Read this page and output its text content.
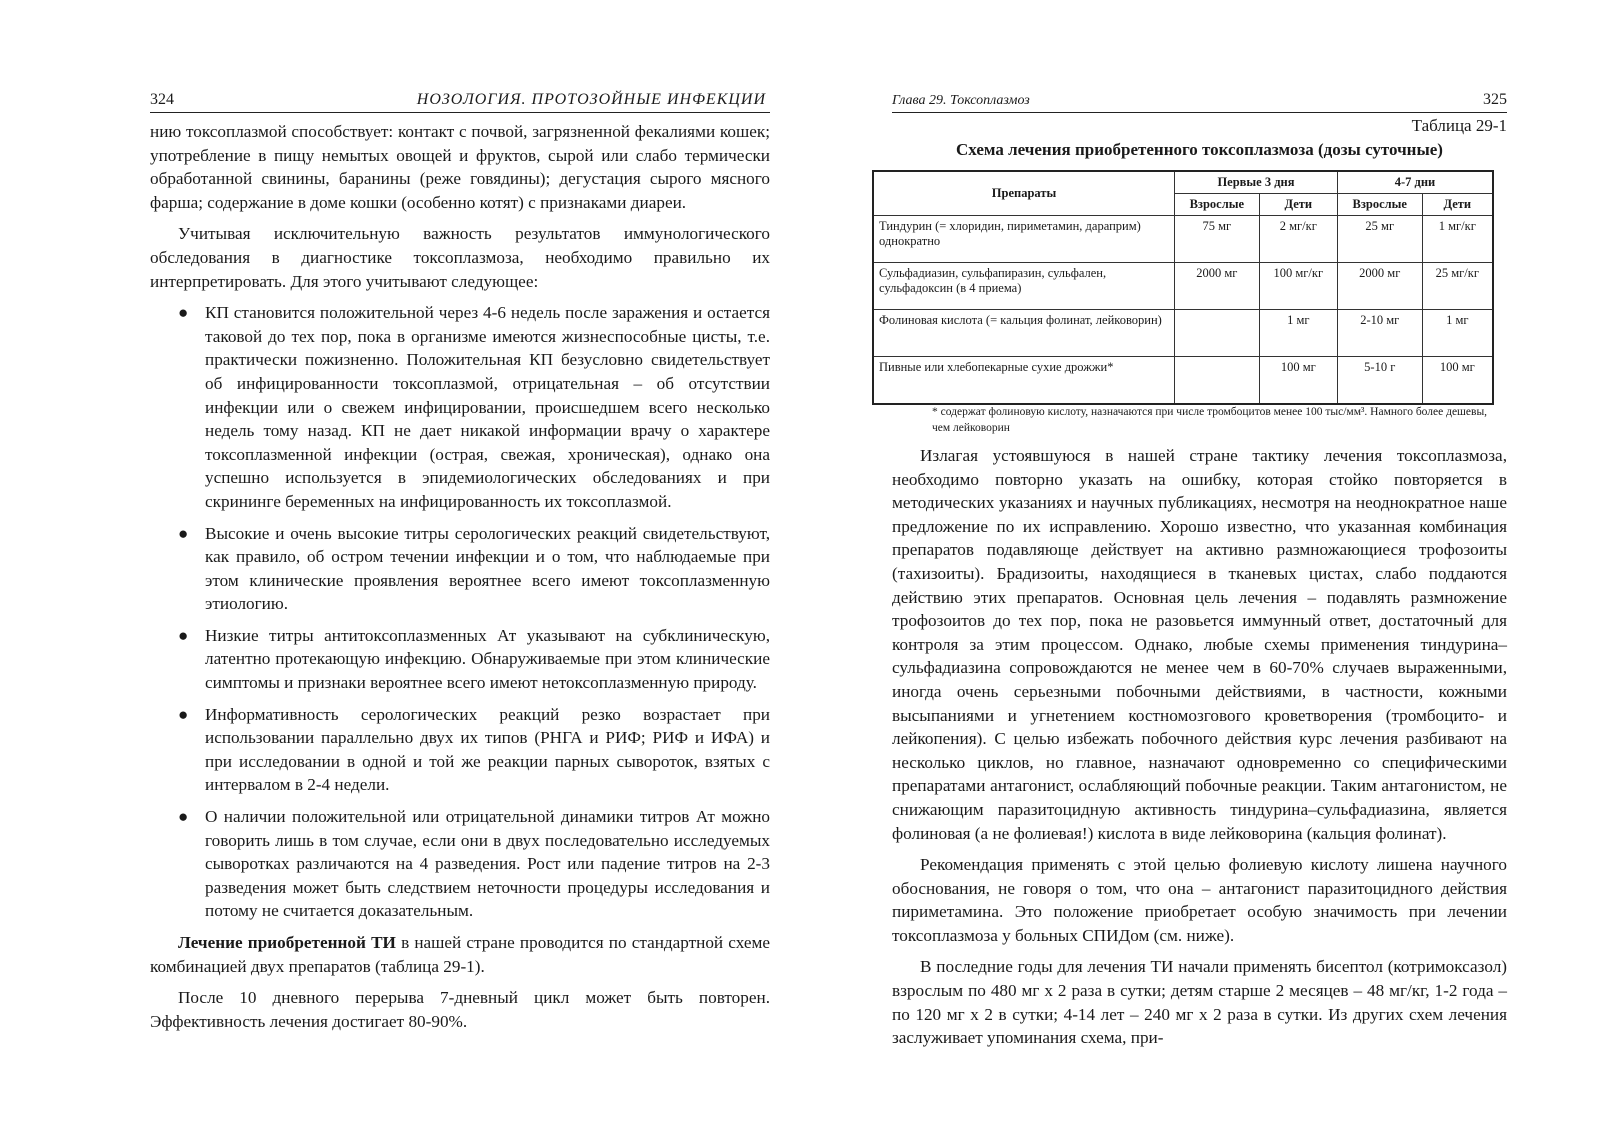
324	НОЗОЛОГИЯ. ПРОТОЗОЙНЫЕ ИНФЕКЦИИ

нию токсоплазмой способствует: контакт с почвой, загрязненной фекалиями кошек; употребление в пищу немытых овощей и фруктов, сырой или слабо термически обработанной свинины, баранины (реже говядины); дегустация сырого мясного фарша; содержание в доме кошки (особенно котят) с признаками диареи.

Учитывая исключительную важность результатов иммунологического обследования в диагностике токсоплазмоза, необходимо правильно их интерпретировать. Для этого учитывают следующее:

● КП становится положительной через 4-6 недель после заражения и остается таковой до тех пор, пока в организме имеются жизнеспособные цисты, т.е. практически пожизненно. Положительная КП безусловно свидетельствует об инфицированности токсоплазмой, отрицательная – об отсутствии инфекции или о свежем инфицировании, происшедшем всего несколько недель тому назад. КП не дает никакой информации врачу о характере токсоплазменной инфекции (острая, свежая, хроническая), однако она успешно используется в эпидемиологических обследованиях и при скрининге беременных на инфицированность их токсоплазмой.
● Высокие и очень высокие титры серологических реакций свидетельствуют, как правило, об остром течении инфекции и о том, что наблюдаемые при этом клинические проявления вероятнее всего имеют токсоплазменную этиологию.
● Низкие титры антитоксоплазменных Ат указывают на субклиническую, латентно протекающую инфекцию. Обнаруживаемые при этом клинические симптомы и признаки вероятнее всего имеют нетоксоплазменную природу.
● Информативность серологических реакций резко возрастает при использовании параллельно двух их типов (РНГА и РИФ; РИФ и ИФА) и при исследовании в одной и той же реакции парных сывороток, взятых с интервалом в 2-4 недели.
● О наличии положительной или отрицательной динамики титров Ат можно говорить лишь в том случае, если они в двух последовательно исследуемых сыворотках различаются на 4 разведения. Рост или падение титров на 2-3 разведения может быть следствием неточности процедуры исследования и потому не считается доказательным.

Лечение приобретенной ТИ в нашей стране проводится по стандартной схеме комбинацией двух препаратов (таблица 29-1).

После 10 дневного перерыва 7-дневный цикл может быть повторен. Эффективность лечения достигает 80-90%.

Глава 29. Токсоплазмоз	325
Таблица 29-1
Схема лечения приобретенного токсоплазмоза (дозы суточные)
Препараты	Первые 3 дня		4-7 дни	
	Взрослые	Дети	Взрослые	Дети
Тиндурин (= хлоридин, пириметамин, дараприм) однократно	75 мг	2 мг/кг	25 мг	1 мг/кг
Сульфадиазин, сульфапиразин, сульфален, сульфадоксин (в 4 приема)	2000 мг	100 мг/кг	2000 мг	25 мг/кг
Фолиновая кислота (= кальция фолинат, лейковорин)		1 мг	2-10 мг	1 мг
Пивные или хлебопекарные сухие дрожжи*		100 мг	5-10 г	100 мг
* содержат фолиновую кислоту, назначаются при числе тромбоцитов менее 100 тыс/мм³. Намного более дешевы, чем лейковорин

Излагая устоявшуюся в нашей стране тактику лечения токсоплазмоза, необходимо повторно указать на ошибку, которая стойко повторяется в методических указаниях и научных публикациях, несмотря на неоднократное наше предложение по их исправлению. Хорошо известно, что указанная комбинация препаратов подавляюще действует на активно размножающиеся трофозоиты (тахизоиты). Брадизоиты, находящиеся в тканевых цистах, слабо поддаются действию этих препаратов. Основная цель лечения – подавлять размножение трофозоитов до тех пор, пока не разовьется иммунный ответ, достаточный для контроля за этим процессом. Однако, любые схемы применения тиндурина–сульфадиазина сопровождаются не менее чем в 60-70% случаев выраженными, иногда очень серьезными побочными действиями, в частности, кожными высыпаниями и угнетением костномозгового кроветворения (тромбоцито- и лейкопения). С целью избежать побочного действия курс лечения разбивают на несколько циклов, но главное, назначают одновременно со специфическими препаратами антагонист, ослабляющий побочные реакции. Таким антагонистом, не снижающим паразитоцидную активность тиндурина–сульфадиазина, является фолиновая (а не фолиевая!) кислота в виде лейковорина (кальция фолинат).

Рекомендация применять с этой целью фолиевую кислоту лишена научного обоснования, не говоря о том, что она – антагонист паразитоцидного действия пириметамина. Это положение приобретает особую значимость при лечении токсоплазмоза у больных СПИДом (см. ниже).

В последние годы для лечения ТИ начали применять бисептол (котримоксазол) взрослым по 480 мг х 2 раза в сутки; детям старше 2 месяцев – 48 мг/кг, 1-2 года – по 120 мг х 2 в сутки; 4-14 лет – 240 мг х 2 раза в сутки. Из других схем лечения заслуживает упоминания схема, при-
